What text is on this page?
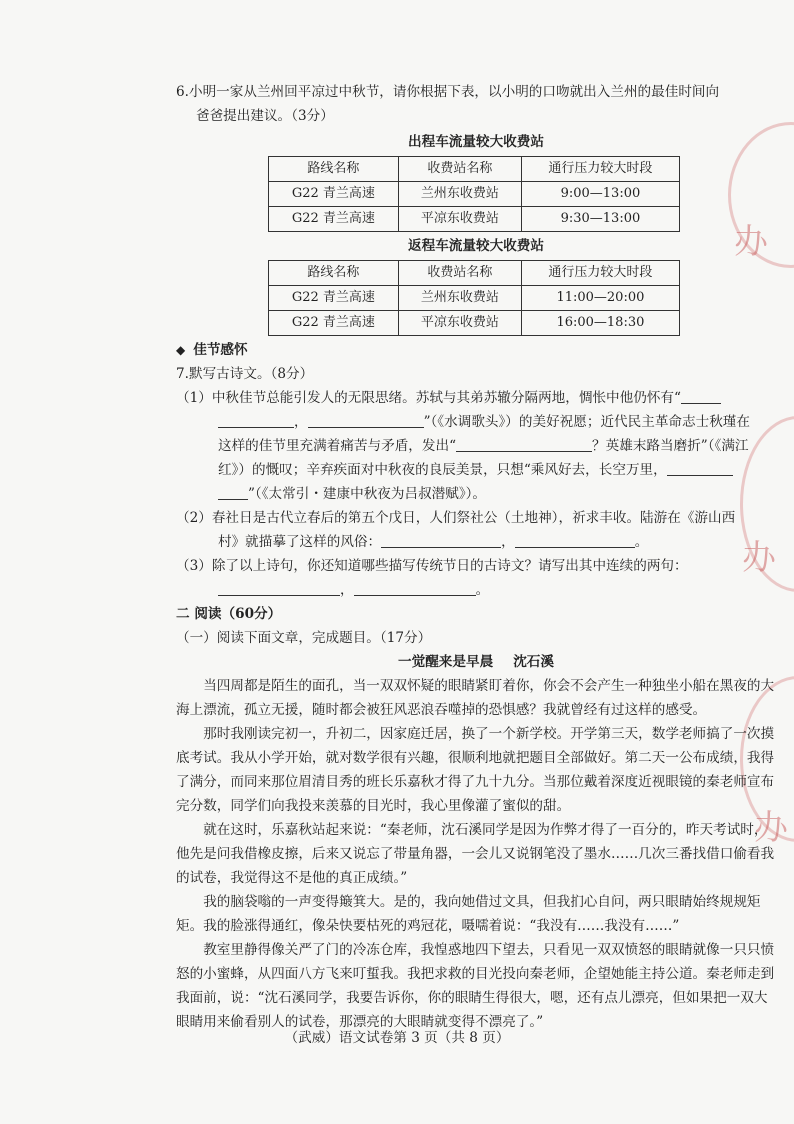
办
办
办
6.小明一家从兰州回平凉过中秋节，请你根据下表，以小明的口吻就出入兰州的最佳时间向
爸爸提出建议。（3分）
出程车流量较大收费站
路线名称	收费站名称	通行压力较大时段
G22 青兰高速	兰州东收费站	9:00—13:00
G22 青兰高速	平凉东收费站	9:30—13:00
返程车流量较大收费站
路线名称	收费站名称	通行压力较大时段
G22 青兰高速	兰州东收费站	11:00—20:00
G22 青兰高速	平凉东收费站	16:00—18:30
◆ 佳节感怀
7.默写古诗文。（8分）
（1）中秋佳节总能引发人的无限思绪。苏轼与其弟苏辙分隔两地，惆怅中他仍怀有“
，	”（《水调歌头》）的美好祝愿；近代民主革命志士秋瑾在
这样的佳节里充满着痛苦与矛盾，发出“	？英雄末路当磨折”（《满江
红》）的慨叹；辛弃疾面对中秋夜的良辰美景，只想“乘风好去，长空万里，
”（《太常引・建康中秋夜为吕叔潜赋》）。
（2）春社日是古代立春后的第五个戊日，人们祭社公（土地神），祈求丰收。陆游在《游山西
村》就描摹了这样的风俗：	，	。
（3）除了以上诗句，你还知道哪些描写传统节日的古诗文？请写出其中连续的两句：
，	。
二 阅读（60分）
（一）阅读下面文章，完成题目。（17分）
一觉醒来是早晨 沈石溪
当四周都是陌生的面孔，当一双双怀疑的眼睛紧盯着你，你会不会产生一种独坐小船在黑夜的大海上漂流，孤立无援，随时都会被狂风恶浪吞噬掉的恐惧感？我就曾经有过这样的感受。
那时我刚读完初一，升初二，因家庭迁居，换了一个新学校。开学第三天，数学老师搞了一次摸底考试。我从小学开始，就对数学很有兴趣，很顺利地就把题目全部做好。第二天一公布成绩，我得了满分，而同来那位眉清目秀的班长乐嘉秋才得了九十九分。当那位戴着深度近视眼镜的秦老师宣布完分数，同学们向我投来羡慕的目光时，我心里像灌了蜜似的甜。
就在这时，乐嘉秋站起来说：“秦老师，沈石溪同学是因为作弊才得了一百分的，昨天考试时，他先是问我借橡皮擦，后来又说忘了带量角器，一会儿又说钢笔没了墨水……几次三番找借口偷看我的试卷，我觉得这不是他的真正成绩。”
我的脑袋嗡的一声变得簸箕大。是的，我向她借过文具，但我扪心自问，两只眼睛始终规规矩矩。我的脸涨得通红，像朵快要枯死的鸡冠花，嗫嚅着说：“我没有……我没有……”
教室里静得像关严了门的冷冻仓库，我惶惑地四下望去，只看见一双双愤怒的眼睛就像一只只愤怒的小蜜蜂，从四面八方飞来叮蜇我。我把求救的目光投向秦老师，企望她能主持公道。秦老师走到我面前，说：“沈石溪同学，我要告诉你，你的眼睛生得很大，嗯，还有点儿漂亮，但如果把一双大眼睛用来偷看别人的试卷，那漂亮的大眼睛就变得不漂亮了。”
（武威）语文试卷第 3 页（共 8 页）
